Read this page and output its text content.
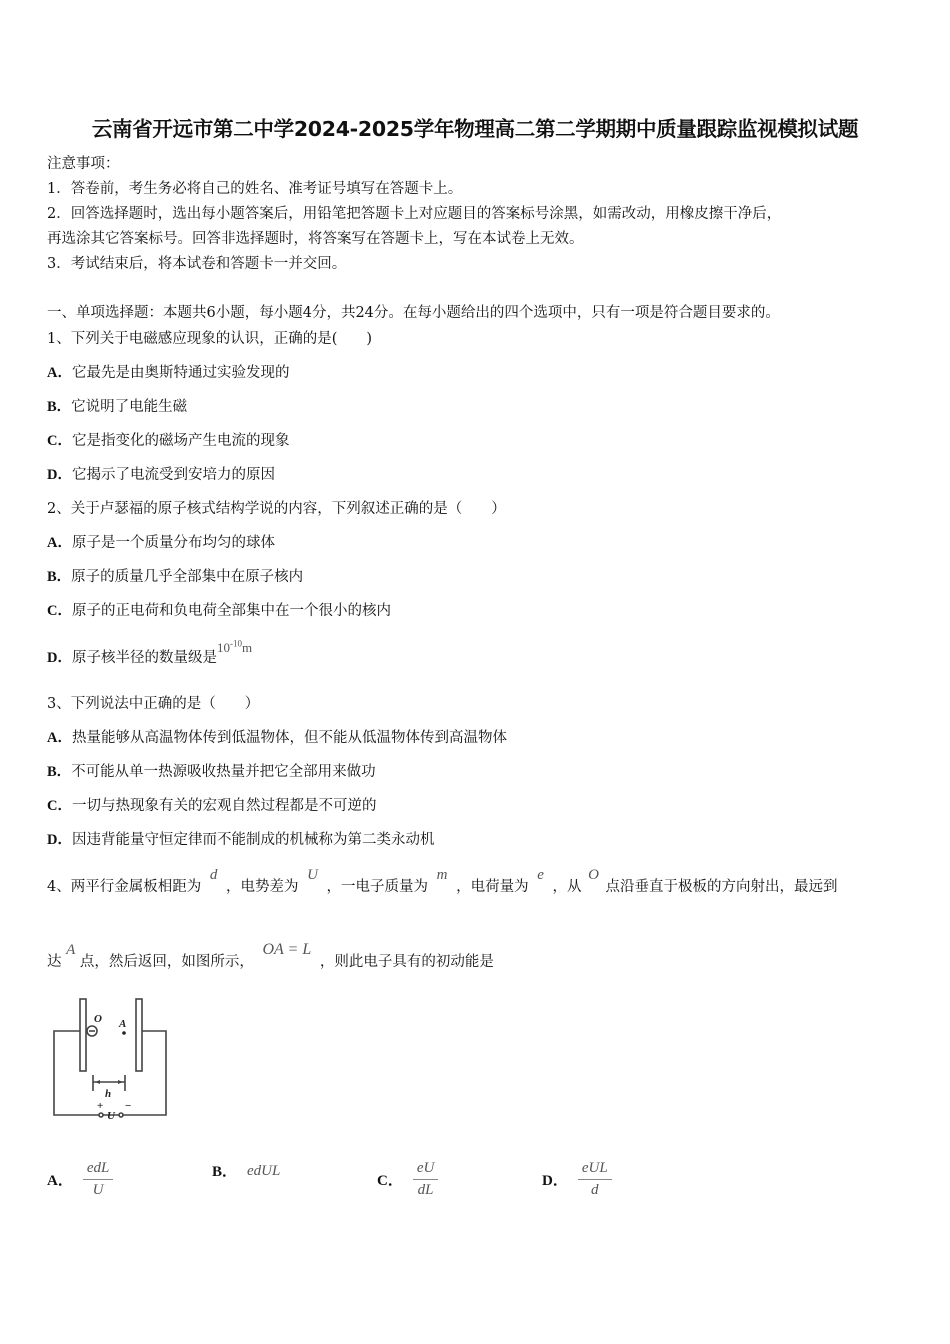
云南省开远市第二中学2024-2025学年物理高二第二学期期中质量跟踪监视模拟试题
注意事项：
1．答卷前，考生务必将自己的姓名、准考证号填写在答题卡上。
2．回答选择题时，选出每小题答案后，用铅笔把答题卡上对应题目的答案标号涂黑，如需改动，用橡皮擦干净后，
再选涂其它答案标号。回答非选择题时，将答案写在答题卡上，写在本试卷上无效。
3．考试结束后，将本试卷和答题卡一并交回。
一、单项选择题：本题共6小题，每小题4分，共24分。在每小题给出的四个选项中，只有一项是符合题目要求的。
1、下列关于电磁感应现象的认识，正确的是(　　)
A．它最先是由奥斯特通过实验发现的
B．它说明了电能生磁
C．它是指变化的磁场产生电流的现象
D．它揭示了电流受到安培力的原因
2、关于卢瑟福的原子核式结构学说的内容，下列叙述正确的是（　　）
A．原子是一个质量分布均匀的球体
B．原子的质量几乎全部集中在原子核内
C．原子的正电荷和负电荷全部集中在一个很小的核内
D．原子核半径的数量级是$10^{-10}m$
3、下列说法中正确的是（　　）
A．热量能够从高温物体传到低温物体，但不能从低温物体传到高温物体
B．不可能从单一热源吸收热量并把它全部用来做功
C．一切与热现象有关的宏观自然过程都是不可逆的
D．因违背能量守恒定律而不能制成的机械称为第二类永动机
4、两平行金属板相距为 d ，电势差为 U ，一电子质量为 m ，电荷量为 e ，从 O 点沿垂直于极板的方向射出，最远到
达 A 点，然后返回，如图所示， OA = L ，则此电子具有的初动能是
O A
h
+ −
U
A． $\frac{\text{edL}}{U}$	B． edUL
C． $\frac{eU}{dL}$	D． $\frac{\text{eUL}}{d}$
